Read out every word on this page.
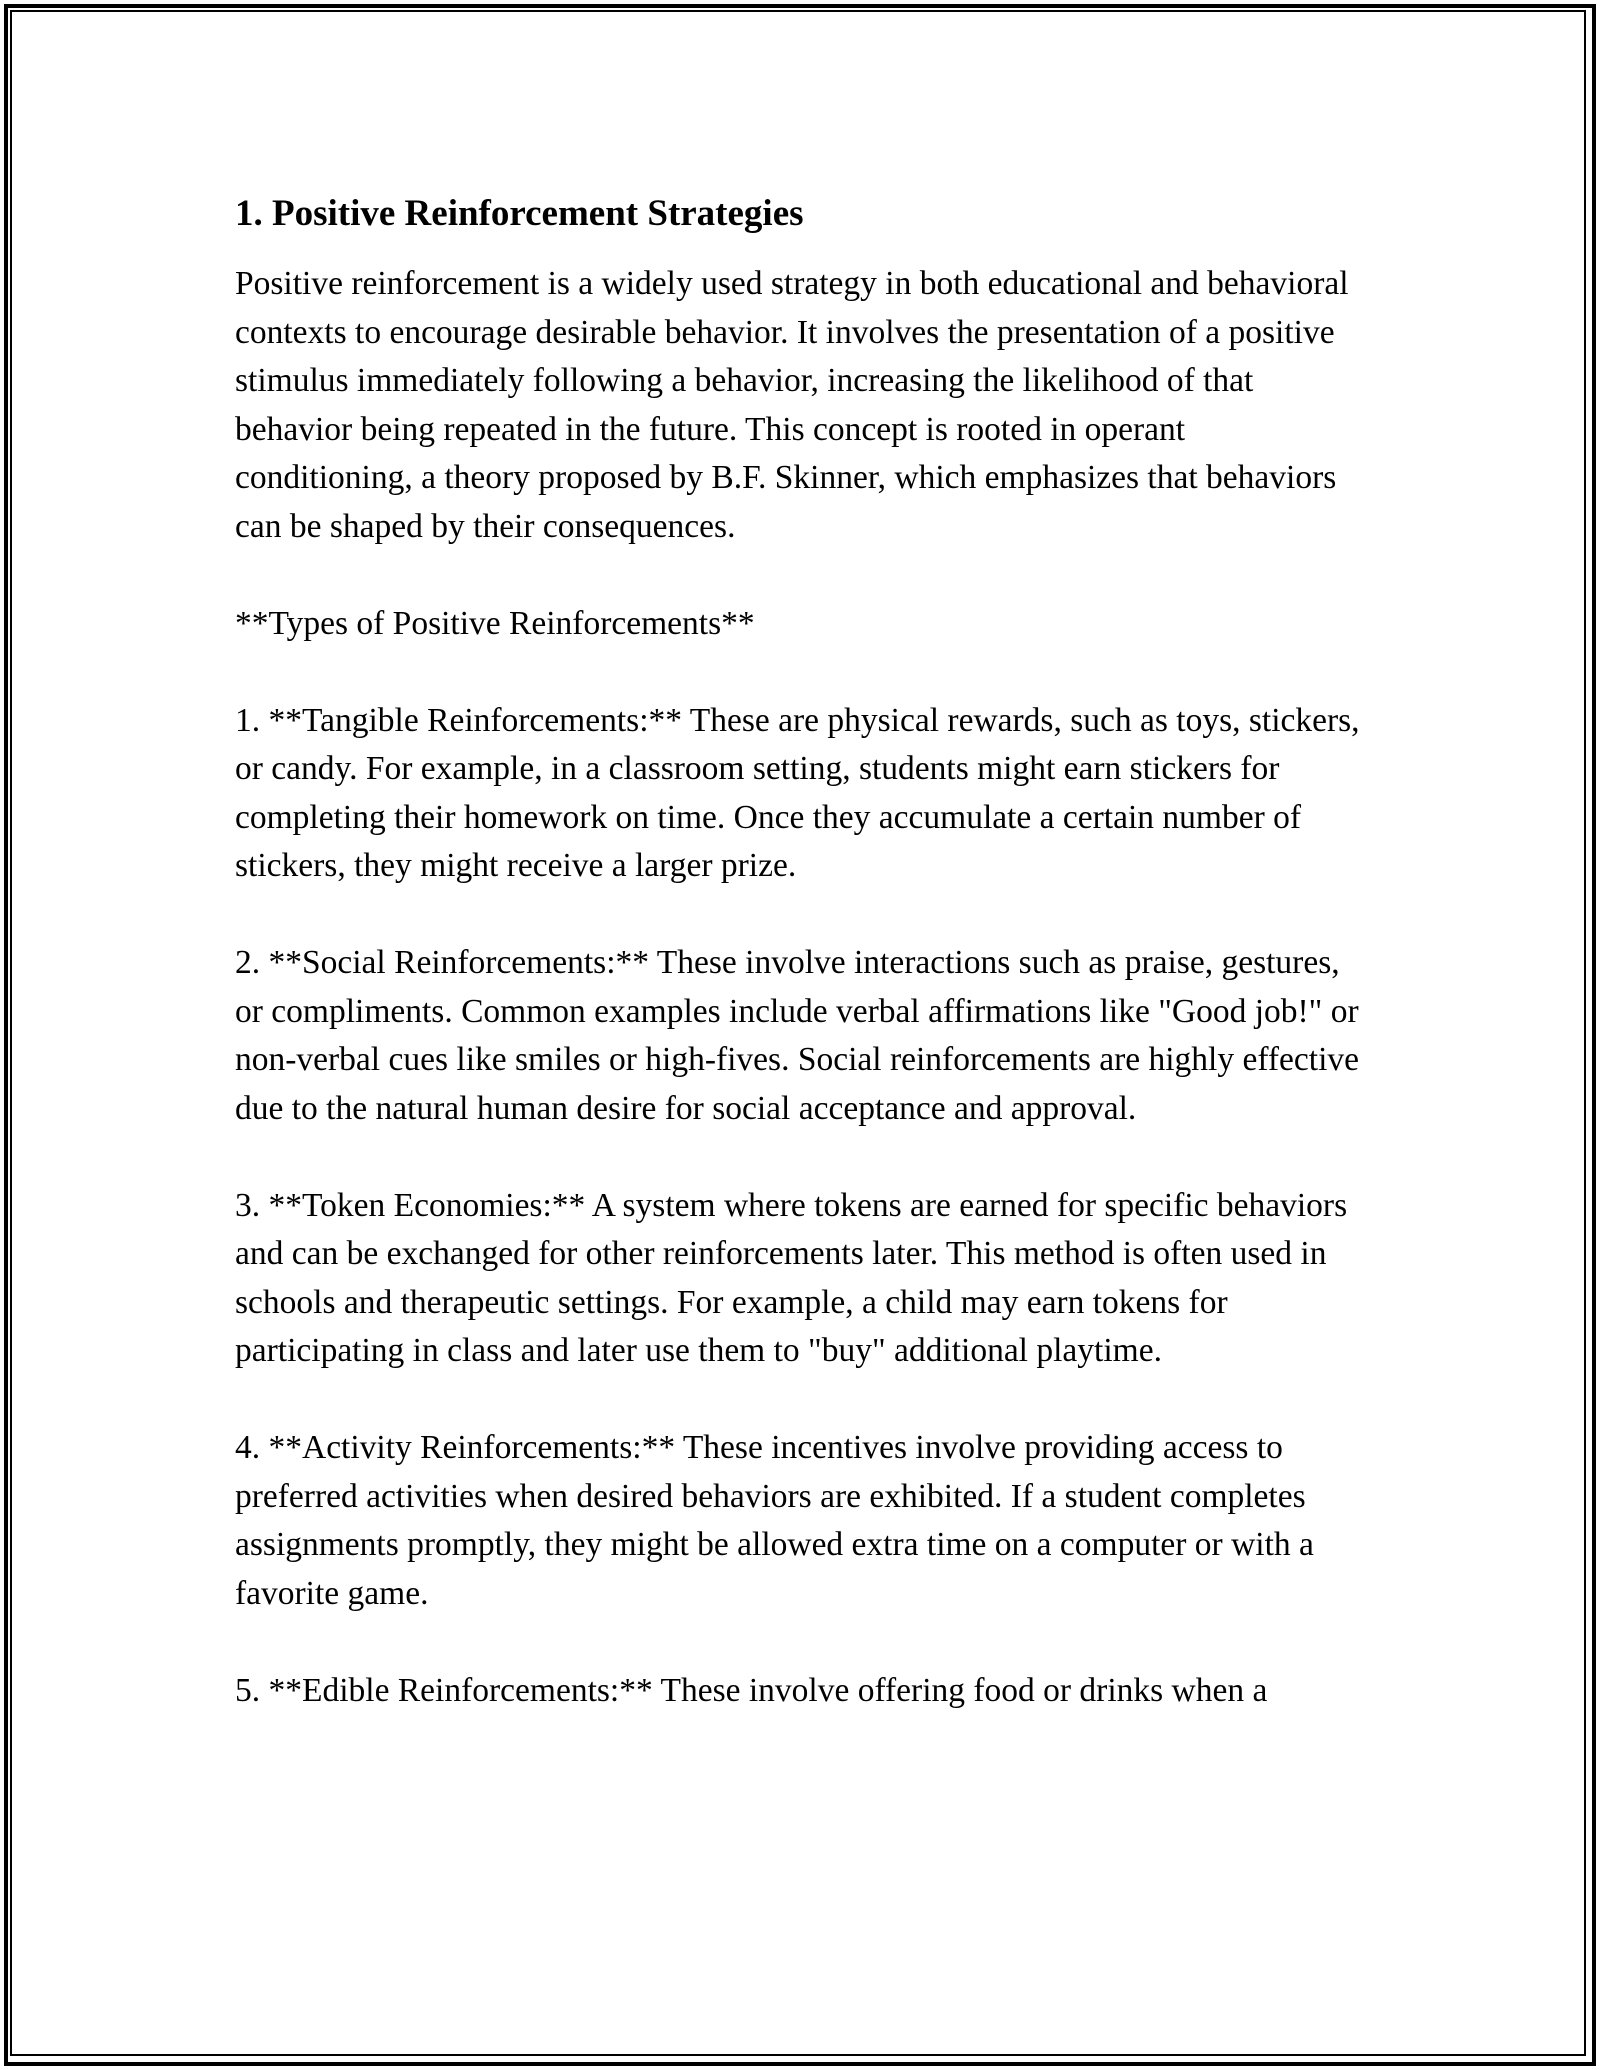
1. Positive Reinforcement Strategies

Positive reinforcement is a widely used strategy in both educational and behavioral contexts to encourage desirable behavior. It involves the presentation of a positive stimulus immediately following a behavior, increasing the likelihood of that behavior being repeated in the future. This concept is rooted in operant conditioning, a theory proposed by B.F. Skinner, which emphasizes that behaviors can be shaped by their consequences.

**Types of Positive Reinforcements**

1. **Tangible Reinforcements:** These are physical rewards, such as toys, stickers, or candy. For example, in a classroom setting, students might earn stickers for completing their homework on time. Once they accumulate a certain number of stickers, they might receive a larger prize.

2. **Social Reinforcements:** These involve interactions such as praise, gestures, or compliments. Common examples include verbal affirmations like "Good job!" or non-verbal cues like smiles or high-fives. Social reinforcements are highly effective due to the natural human desire for social acceptance and approval.

3. **Token Economies:** A system where tokens are earned for specific behaviors and can be exchanged for other reinforcements later. This method is often used in schools and therapeutic settings. For example, a child may earn tokens for participating in class and later use them to "buy" additional playtime.

4. **Activity Reinforcements:** These incentives involve providing access to preferred activities when desired behaviors are exhibited. If a student completes assignments promptly, they might be allowed extra time on a computer or with a favorite game.

5. **Edible Reinforcements:** These involve offering food or drinks when a
